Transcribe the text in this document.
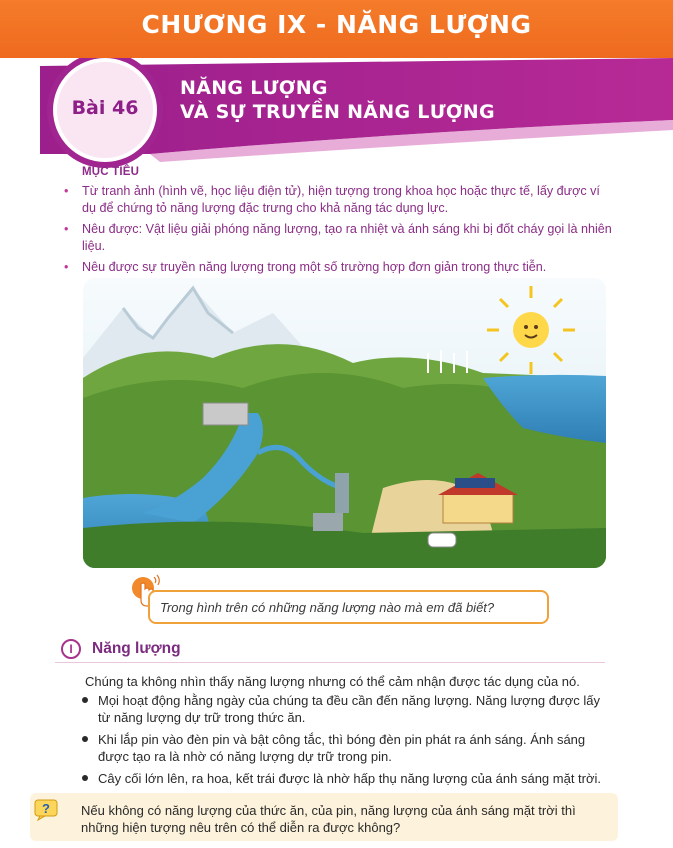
CHƯƠNG IX - NĂNG LƯỢNG
Bài 46
NĂNG LƯỢNG
VÀ SỰ TRUYỀN NĂNG LƯỢNG
MỤC TIÊU
• Từ tranh ảnh (hình vẽ, học liệu điện tử), hiện tượng trong khoa học hoặc thực tế, lấy được ví dụ để chứng tỏ năng lượng đặc trưng cho khả năng tác dụng lực.
• Nêu được: Vật liệu giải phóng năng lượng, tạo ra nhiệt và ánh sáng khi bị đốt cháy gọi là nhiên liệu.
• Nêu được sự truyền năng lượng trong một số trường hợp đơn giản trong thực tiễn.
Trong hình trên có những năng lượng nào mà em đã biết?
I	Năng lượng
Chúng ta không nhìn thấy năng lượng nhưng có thể cảm nhận được tác dụng của nó.
Mọi hoạt động hằng ngày của chúng ta đều cần đến năng lượng. Năng lượng được lấy từ năng lượng dự trữ trong thức ăn.
Khi lắp pin vào đèn pin và bật công tắc, thì bóng đèn pin phát ra ánh sáng. Ánh sáng được tạo ra là nhờ có năng lượng dự trữ trong pin.
Cây cối lớn lên, ra hoa, kết trái được là nhờ hấp thụ năng lượng của ánh sáng mặt trời.
? Nếu không có năng lượng của thức ăn, của pin, năng lượng của ánh sáng mặt trời thì những hiện tượng nêu trên có thể diễn ra được không?
